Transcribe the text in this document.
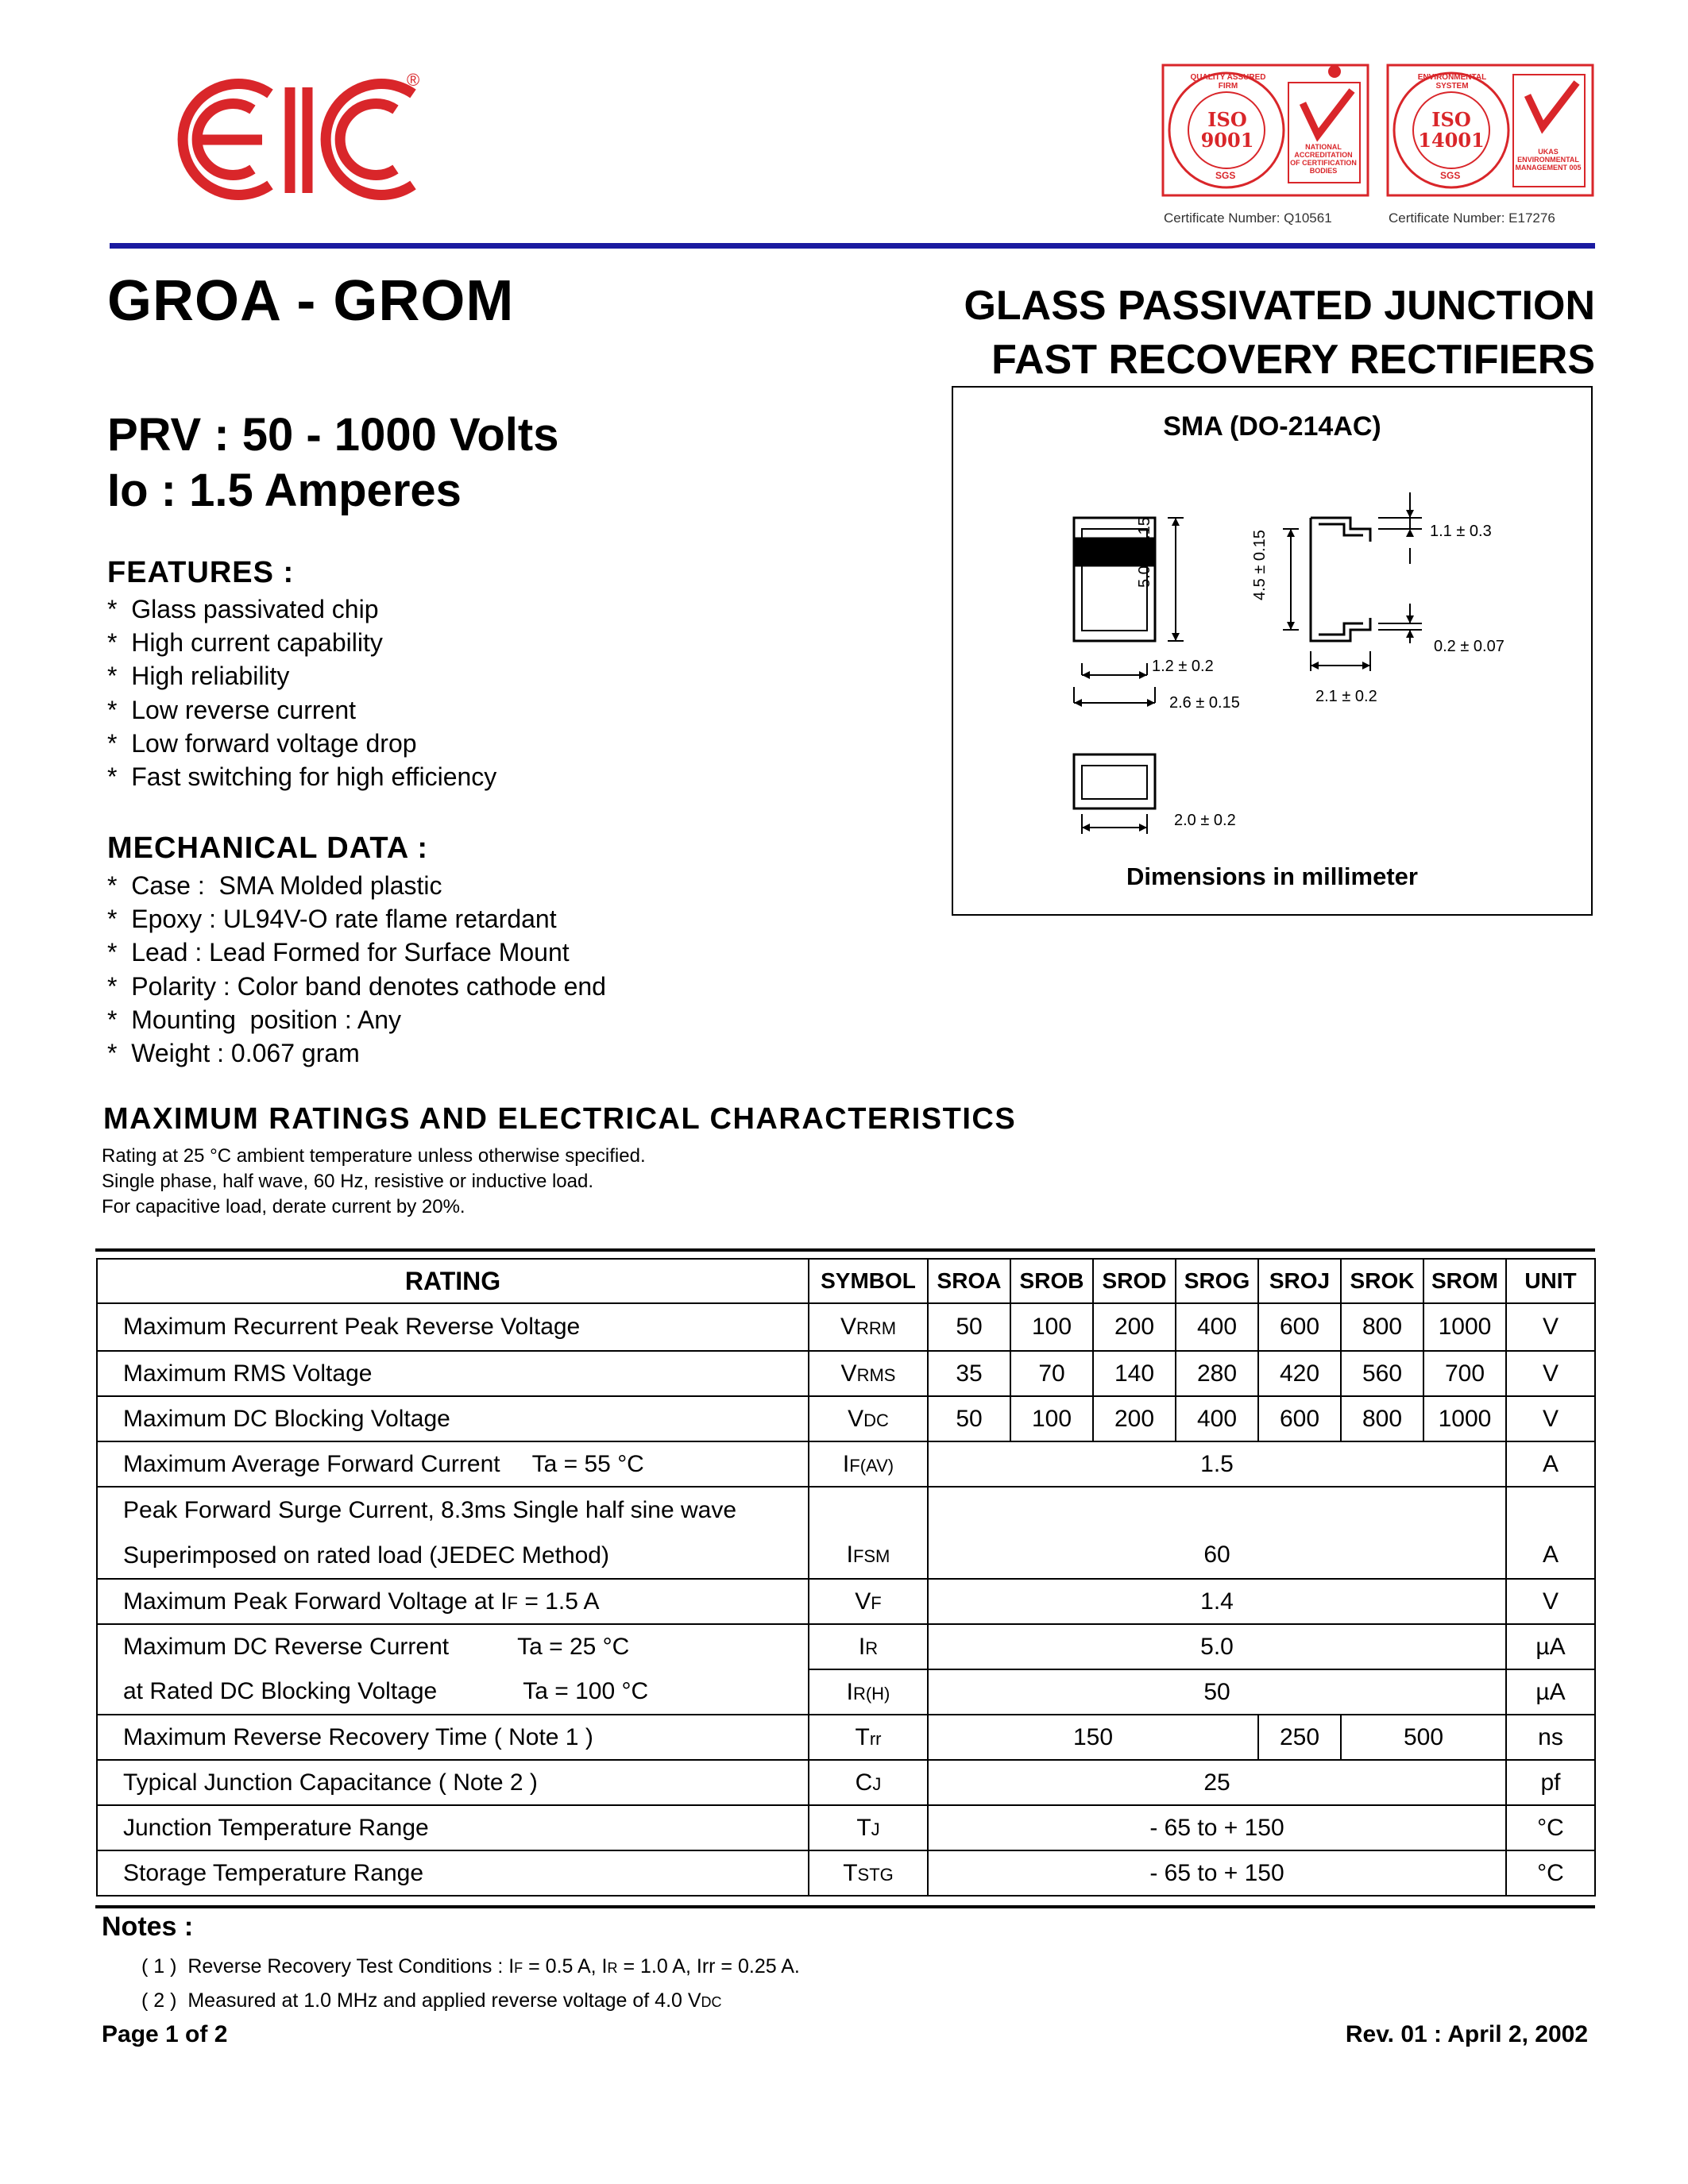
®	QUALITY ASSURED FIRM
ISO 9001
SGS
NATIONAL ACCREDITATION OF CERTIFICATION BODIES
Certificate Number: Q10561
ENVIRONMENTAL SYSTEM
ISO 14001
SGS
UKAS ENVIRONMENTAL MANAGEMENT 005
Certificate Number: E17276
GROA - GROM	GLASS PASSIVATED JUNCTION
FAST RECOVERY RECTIFIERS
PRV : 50 - 1000 Volts
Io : 1.5 Amperes
FEATURES :
*  Glass passivated chip
*  High current capability
*  High reliability
*  Low reverse current
*  Low forward voltage drop
*  Fast switching for high efficiency
MECHANICAL DATA :
*  Case :  SMA Molded plastic
*  Epoxy : UL94V-O rate flame retardant
*  Lead : Lead Formed for Surface Mount
*  Polarity : Color band denotes cathode end
*  Mounting  position : Any
*  Weight : 0.067 gram
SMA (DO-214AC)
5.0 ± 0.15	4.5 ± 0.15	1.1 ± 0.3
0.2 ± 0.07
1.2 ± 0.2
2.6 ± 0.15	2.1 ± 0.2
2.0 ± 0.2
Dimensions in millimeter
MAXIMUM RATINGS AND ELECTRICAL CHARACTERISTICS
Rating at 25 °C ambient temperature unless otherwise specified.
Single phase, half wave, 60 Hz, resistive or inductive load.
For capacitive load, derate current by 20%.
RATING	SYMBOL	SROA	SROB	SROD	SROG	SROJ	SROK	SROM	UNIT
Maximum Recurrent Peak Reverse Voltage	VRRM	50	100	200	400	600	800	1000	V
Maximum RMS Voltage	VRMS	35	70	140	280	420	560	700	V
Maximum DC Blocking Voltage	VDC	50	100	200	400	600	800	1000	V
Maximum Average Forward Current Ta = 55 °C	IF(AV)	1.5							A

Peak Forward Surge Current, 8.3ms Single half sine wave
Superimposed on rated load (JEDEC Method)	IFSM	60							A
Maximum Peak Forward Voltage at IF = 1.5 A	VF	1.4							V
Maximum DC Reverse Current Ta = 25 °C	IR	5.0							µA
at Rated DC Blocking Voltage Ta = 100 °C	IR(H)	50							µA
Maximum Reverse Recovery Time ( Note 1 )	Trr	150				250	500		ns
Typical Junction Capacitance ( Note 2 )	CJ	25							pf
Junction Temperature Range	TJ	- 65 to + 150							°C
Storage Temperature Range	TSTG	- 65 to + 150							°C
Notes :
( 1 )  Reverse Recovery Test Conditions : IF = 0.5 A, IR = 1.0 A, Irr = 0.25 A.
( 2 )  Measured at 1.0 MHz and applied reverse voltage of 4.0 VDC
Page 1 of 2	Rev. 01 : April 2, 2002
